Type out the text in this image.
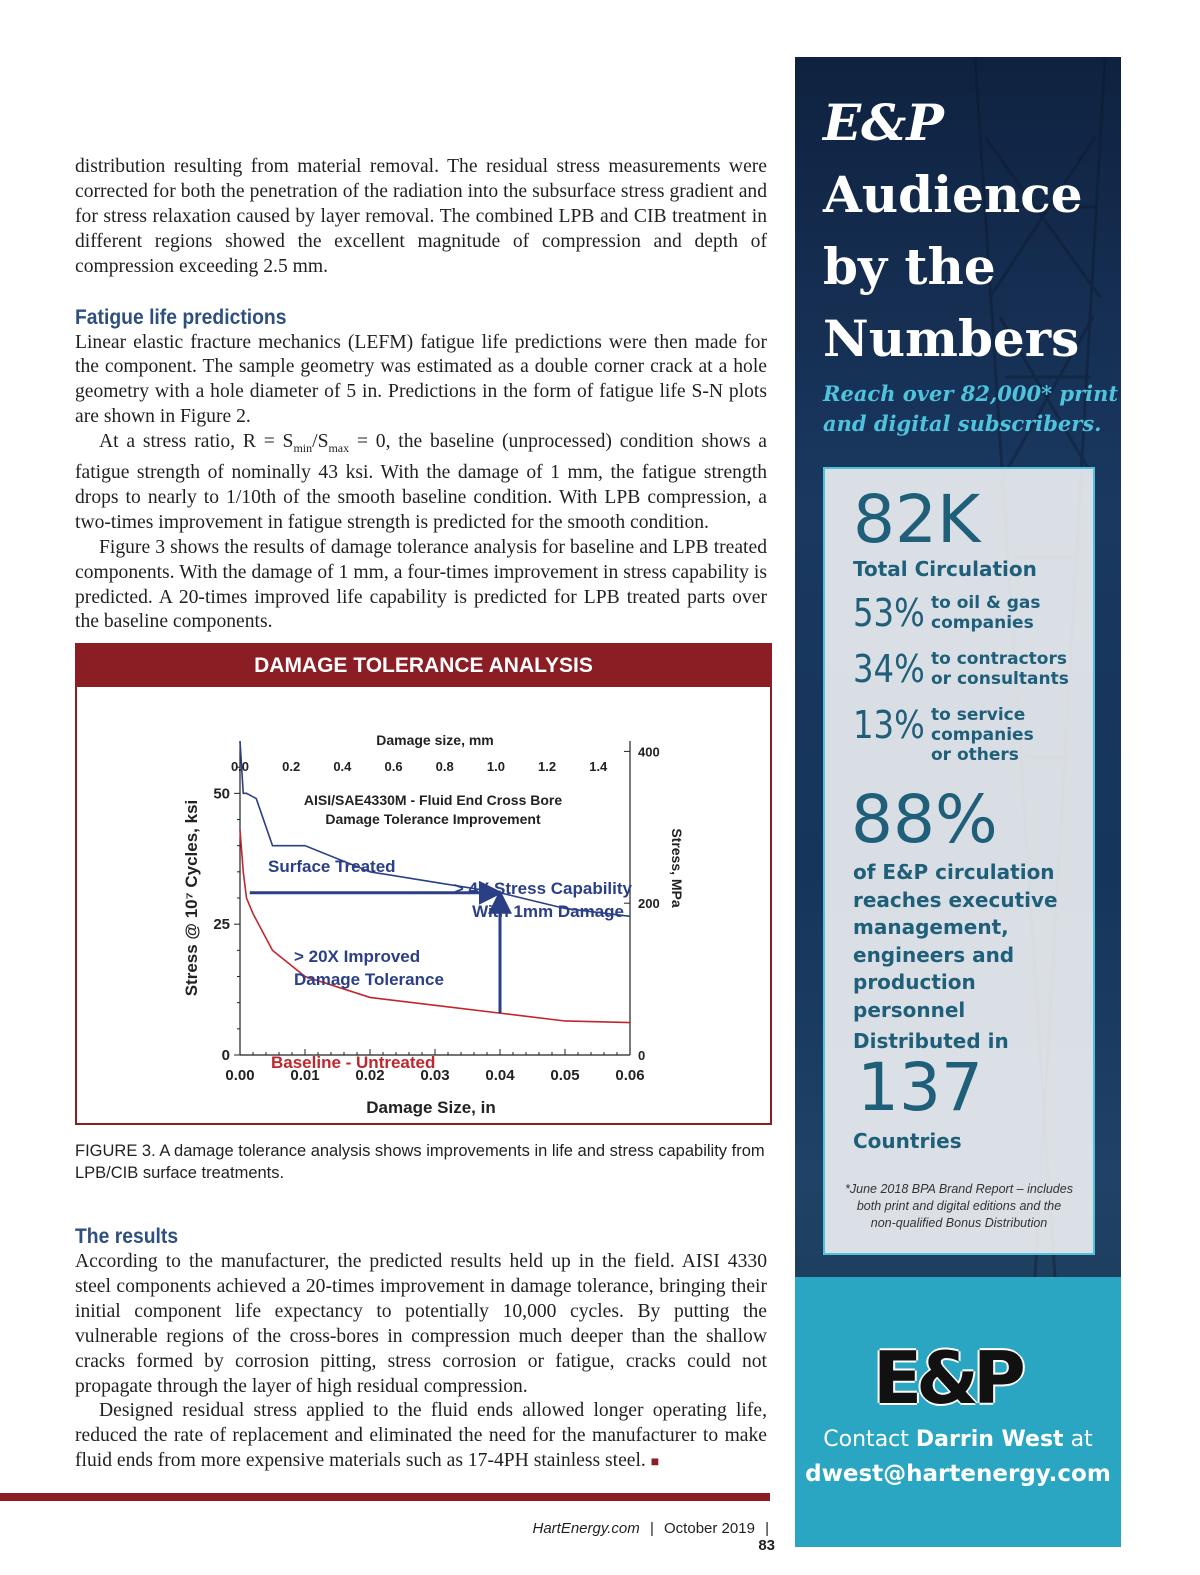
distribution resulting from material removal. The residual stress measurements were corrected for both the penetration of the radiation into the subsurface stress gradient and for stress relaxation caused by layer removal. The combined LPB and CIB treatment in different regions showed the excellent magnitude of compression and depth of compression exceeding 2.5 mm.

Fatigue life predictions

Linear elastic fracture mechanics (LEFM) fatigue life predictions were then made for the component. The sample geometry was estimated as a double corner crack at a hole geometry with a hole diameter of 5 in. Predictions in the form of fatigue life S-N plots are shown in Figure 2.

At a stress ratio, $R = S_{min}/S_{max} = 0$, the baseline (unprocessed) condition shows a fatigue strength of nominally 43 ksi. With the damage of 1 mm, the fatigue strength drops to nearly to 1/10th of the smooth baseline condition. With LPB compression, a two-times improvement in fatigue strength is predicted for the smooth condition.

Figure 3 shows the results of damage tolerance analysis for baseline and LPB treated components. With the damage of 1 mm, a four-times improvement in stress capability is predicted. A 20-times improved life capability is predicted for LPB treated parts over the baseline components.

DAMAGE TOLERANCE ANALYSIS
0.00 0.01 0.02 0.03 0.04 0.05 0.06
0.0	0.2	0.4	0.6	0.8	1.0	1.2	1.4
0
25
50
0
200
400
Damage size, mm
Damage Size, in
Stress @ 10⁷ Cycles, ksi	Stress, MPa
AISI/SAE4330M - Fluid End Cross Bore
Damage Tolerance Improvement
Surface Treated
Baseline - Untreated
> 4X Stress Capability
With 1mm Damage
> 20X Improved
Damage Tolerance
FIGURE 3. A damage tolerance analysis shows improvements in life and stress capability from LPB/CIB surface treatments.
The results

According to the manufacturer, the predicted results held up in the field. AISI 4330 steel components achieved a 20-times improvement in damage tolerance, bringing their initial component life expectancy to potentially 10,000 cycles. By putting the vulnerable regions of the cross-bores in compression much deeper than the shallow cracks formed by corrosion pitting, stress corrosion or fatigue, cracks could not propagate through the layer of high residual compression.

Designed residual stress applied to the fluid ends allowed longer operating life, reduced the rate of replacement and eliminated the need for the manufacturer to make fluid ends from more expensive materials such as 17-4PH stainless steel. ■

HartEnergy.com | October 2019 | 83
E&P
Audience
by the
Numbers
Reach over 82,000* print
and digital subscribers.
82K
Total Circulation
53% to oil & gas
companies
34% to contractors
or consultants
13% to service
companies
or others
88%
of E&P circulation
reaches executive
management,
engineers and
production personnel
Distributed in
137
Countries
*June 2018 BPA Brand Report – includes
both print and digital editions and the
non-qualified Bonus Distribution
E&P
Contact Darrin West at
dwest@hartenergy.com
